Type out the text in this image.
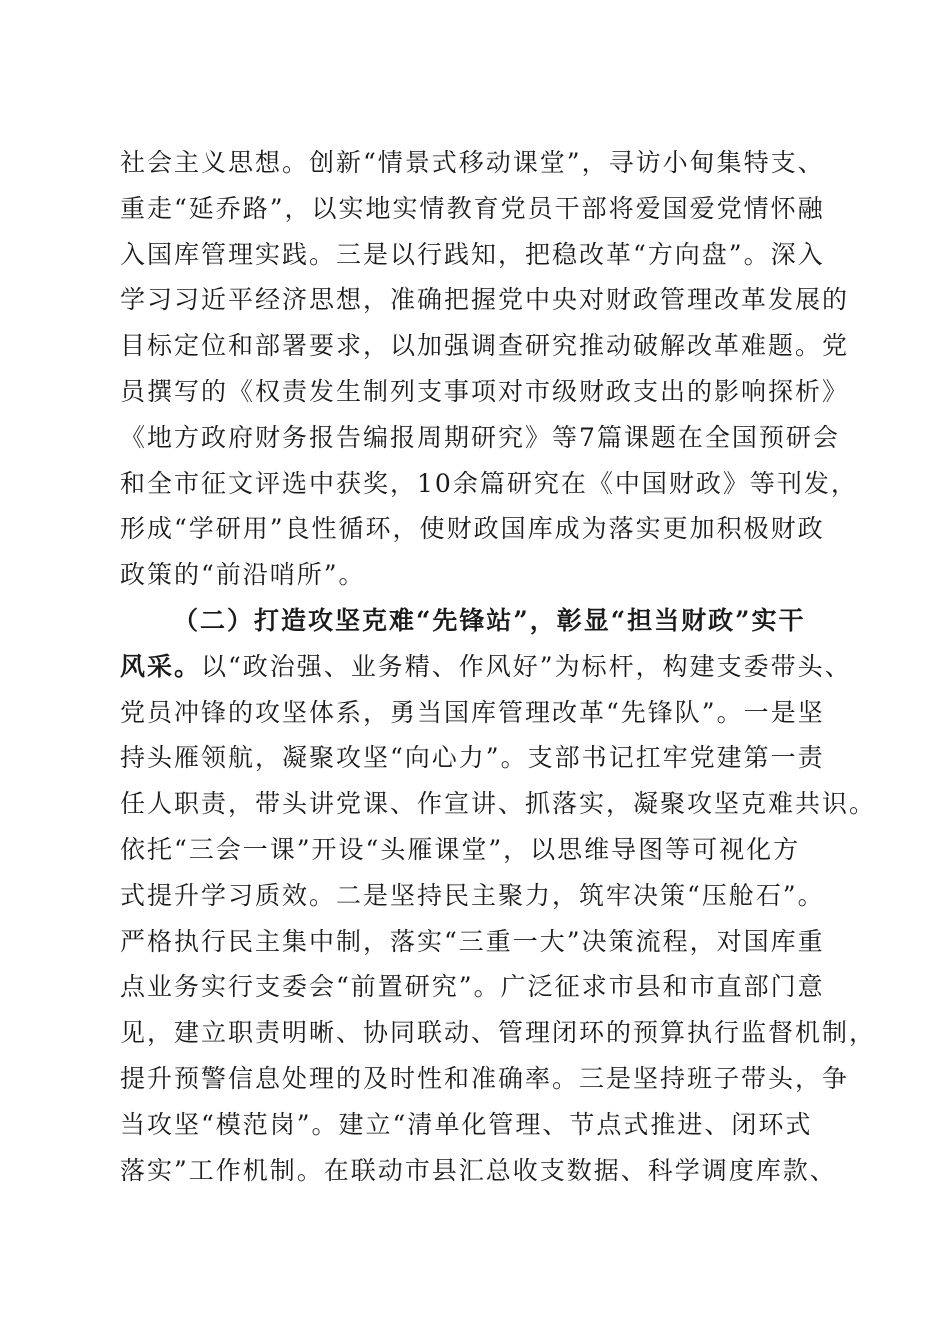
社会主义思想。创新“情景式移动课堂”，寻访小甸集特支、
重走“延乔路”，以实地实情教育党员干部将爱国爱党情怀融
入国库管理实践。三是以行践知，把稳改革“方向盘”。深入
学习习近平经济思想，准确把握党中央对财政管理改革发展的
目标定位和部署要求，以加强调查研究推动破解改革难题。党
员撰写的《权责发生制列支事项对市级财政支出的影响探析》
《地方政府财务报告编报周期研究》等7篇课题在全国预研会
和全市征文评选中获奖，10余篇研究在《中国财政》等刊发，
形成“学研用”良性循环，使财政国库成为落实更加积极财政
政策的“前沿哨所”。
（二）打造攻坚克难“先锋站”，彰显“担当财政”实干
风采。以“政治强、业务精、作风好”为标杆，构建支委带头、
党员冲锋的攻坚体系，勇当国库管理改革“先锋队”。一是坚
持头雁领航，凝聚攻坚“向心力”。支部书记扛牢党建第一责
任人职责，带头讲党课、作宣讲、抓落实，凝聚攻坚克难共识。
依托“三会一课”开设“头雁课堂”，以思维导图等可视化方
式提升学习质效。二是坚持民主聚力，筑牢决策“压舱石”。
严格执行民主集中制，落实“三重一大”决策流程，对国库重
点业务实行支委会“前置研究”。广泛征求市县和市直部门意
见，建立职责明晰、协同联动、管理闭环的预算执行监督机制，
提升预警信息处理的及时性和准确率。三是坚持班子带头，争
当攻坚“模范岗”。建立“清单化管理、节点式推进、闭环式
落实”工作机制。在联动市县汇总收支数据、科学调度库款、
